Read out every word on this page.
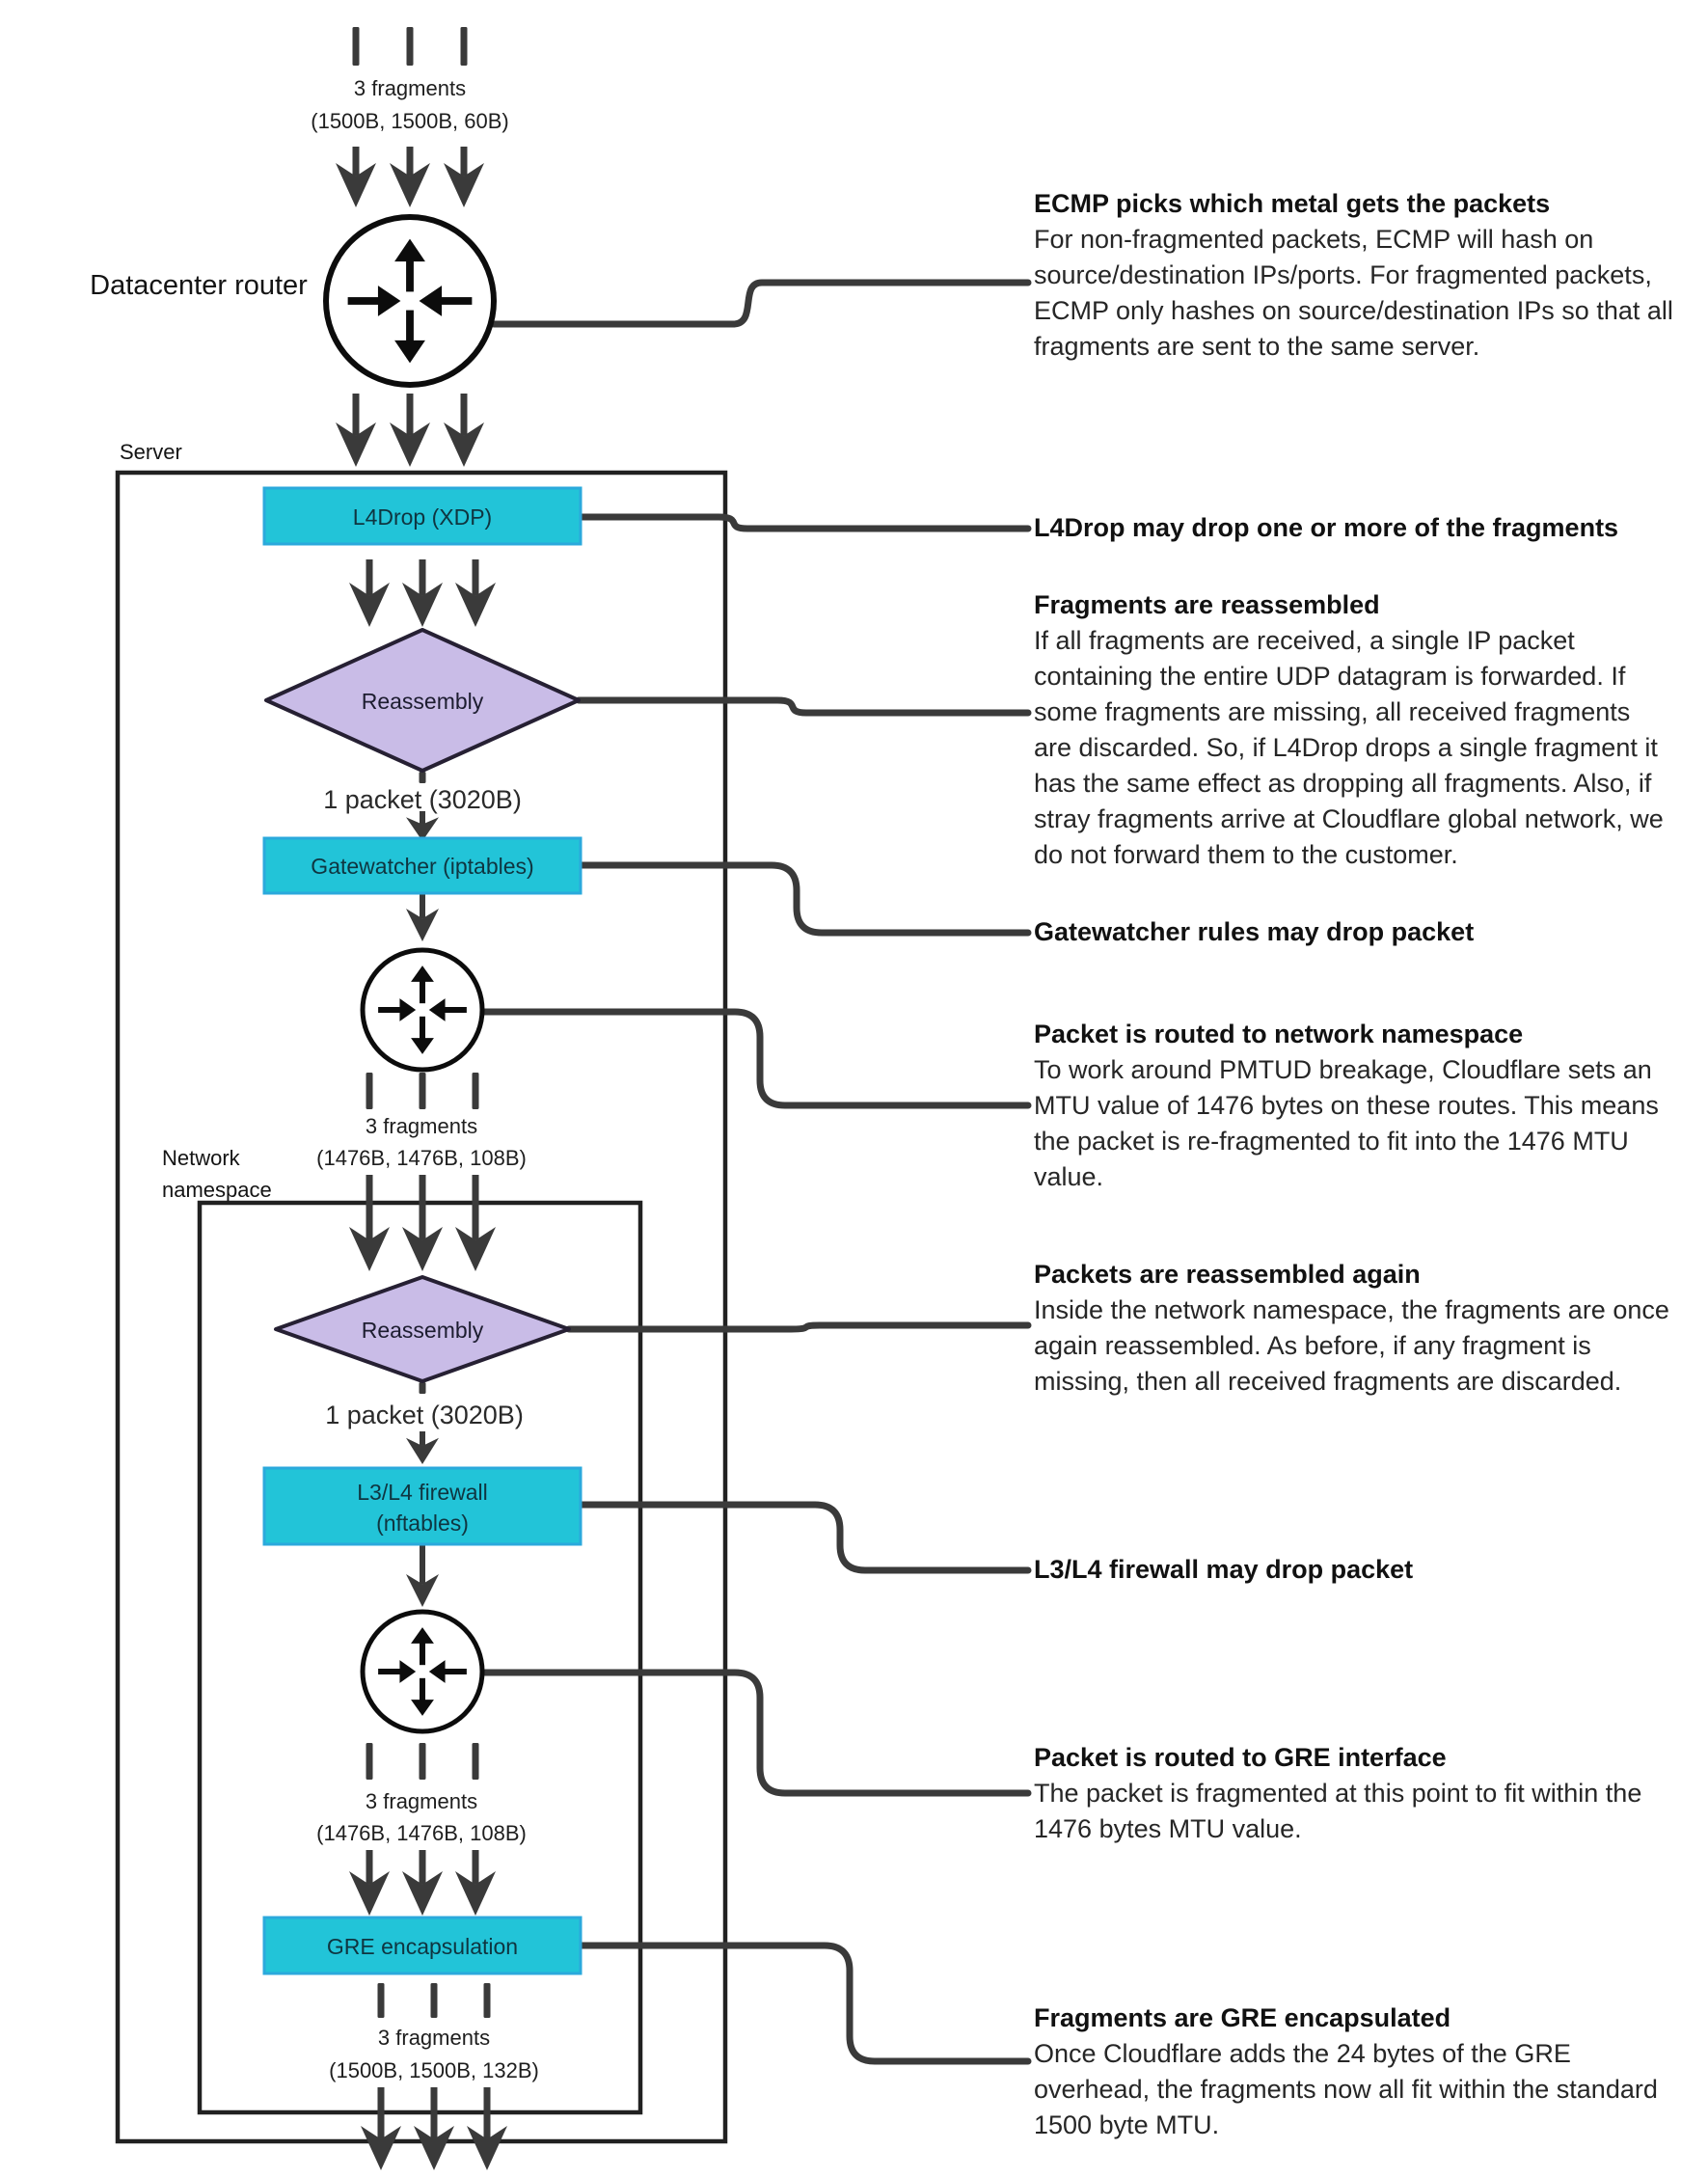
3 fragments
(1500B, 1500B, 60B)
Datacenter router
Server
L4Drop (XDP)
Reassembly
1 packet (3020B)
Gatewatcher (iptables)
3 fragments
(1476B, 1476B, 108B)
Network namespace
Reassembly
1 packet (3020B)
L3/L4 firewall
(nftables)
3 fragments
(1476B, 1476B, 108B)
GRE encapsulation
3 fragments
(1500B, 1500B, 132B)
ECMP picks which metal gets the packets
For non-fragmented packets, ECMP will hash on
source/destination IPs/ports. For fragmented packets,
ECMP only hashes on source/destination IPs so that all
fragments are sent to the same server.
L4Drop may drop one or more of the fragments
Fragments are reassembled
If all fragments are received, a single IP packet
containing the entire UDP datagram is forwarded. If
some fragments are missing, all received fragments
are discarded. So, if L4Drop drops a single fragment it
has the same effect as dropping all fragments. Also, if
stray fragments arrive at Cloudflare global network, we
do not forward them to the customer.
Gatewatcher rules may drop packet
Packet is routed to network namespace
To work around PMTUD breakage, Cloudflare sets an
MTU value of 1476 bytes on these routes. This means
the packet is re-fragmented to fit into the 1476 MTU
value.
Packets are reassembled again
Inside the network namespace, the fragments are once
again reassembled. As before, if any fragment is
missing, then all received fragments are discarded.
L3/L4 firewall may drop packet
Packet is routed to GRE interface
The packet is fragmented at this point to fit within the
1476 bytes MTU value.
Fragments are GRE encapsulated
Once Cloudflare adds the 24 bytes of the GRE
overhead, the fragments now all fit within the standard
1500 byte MTU.
